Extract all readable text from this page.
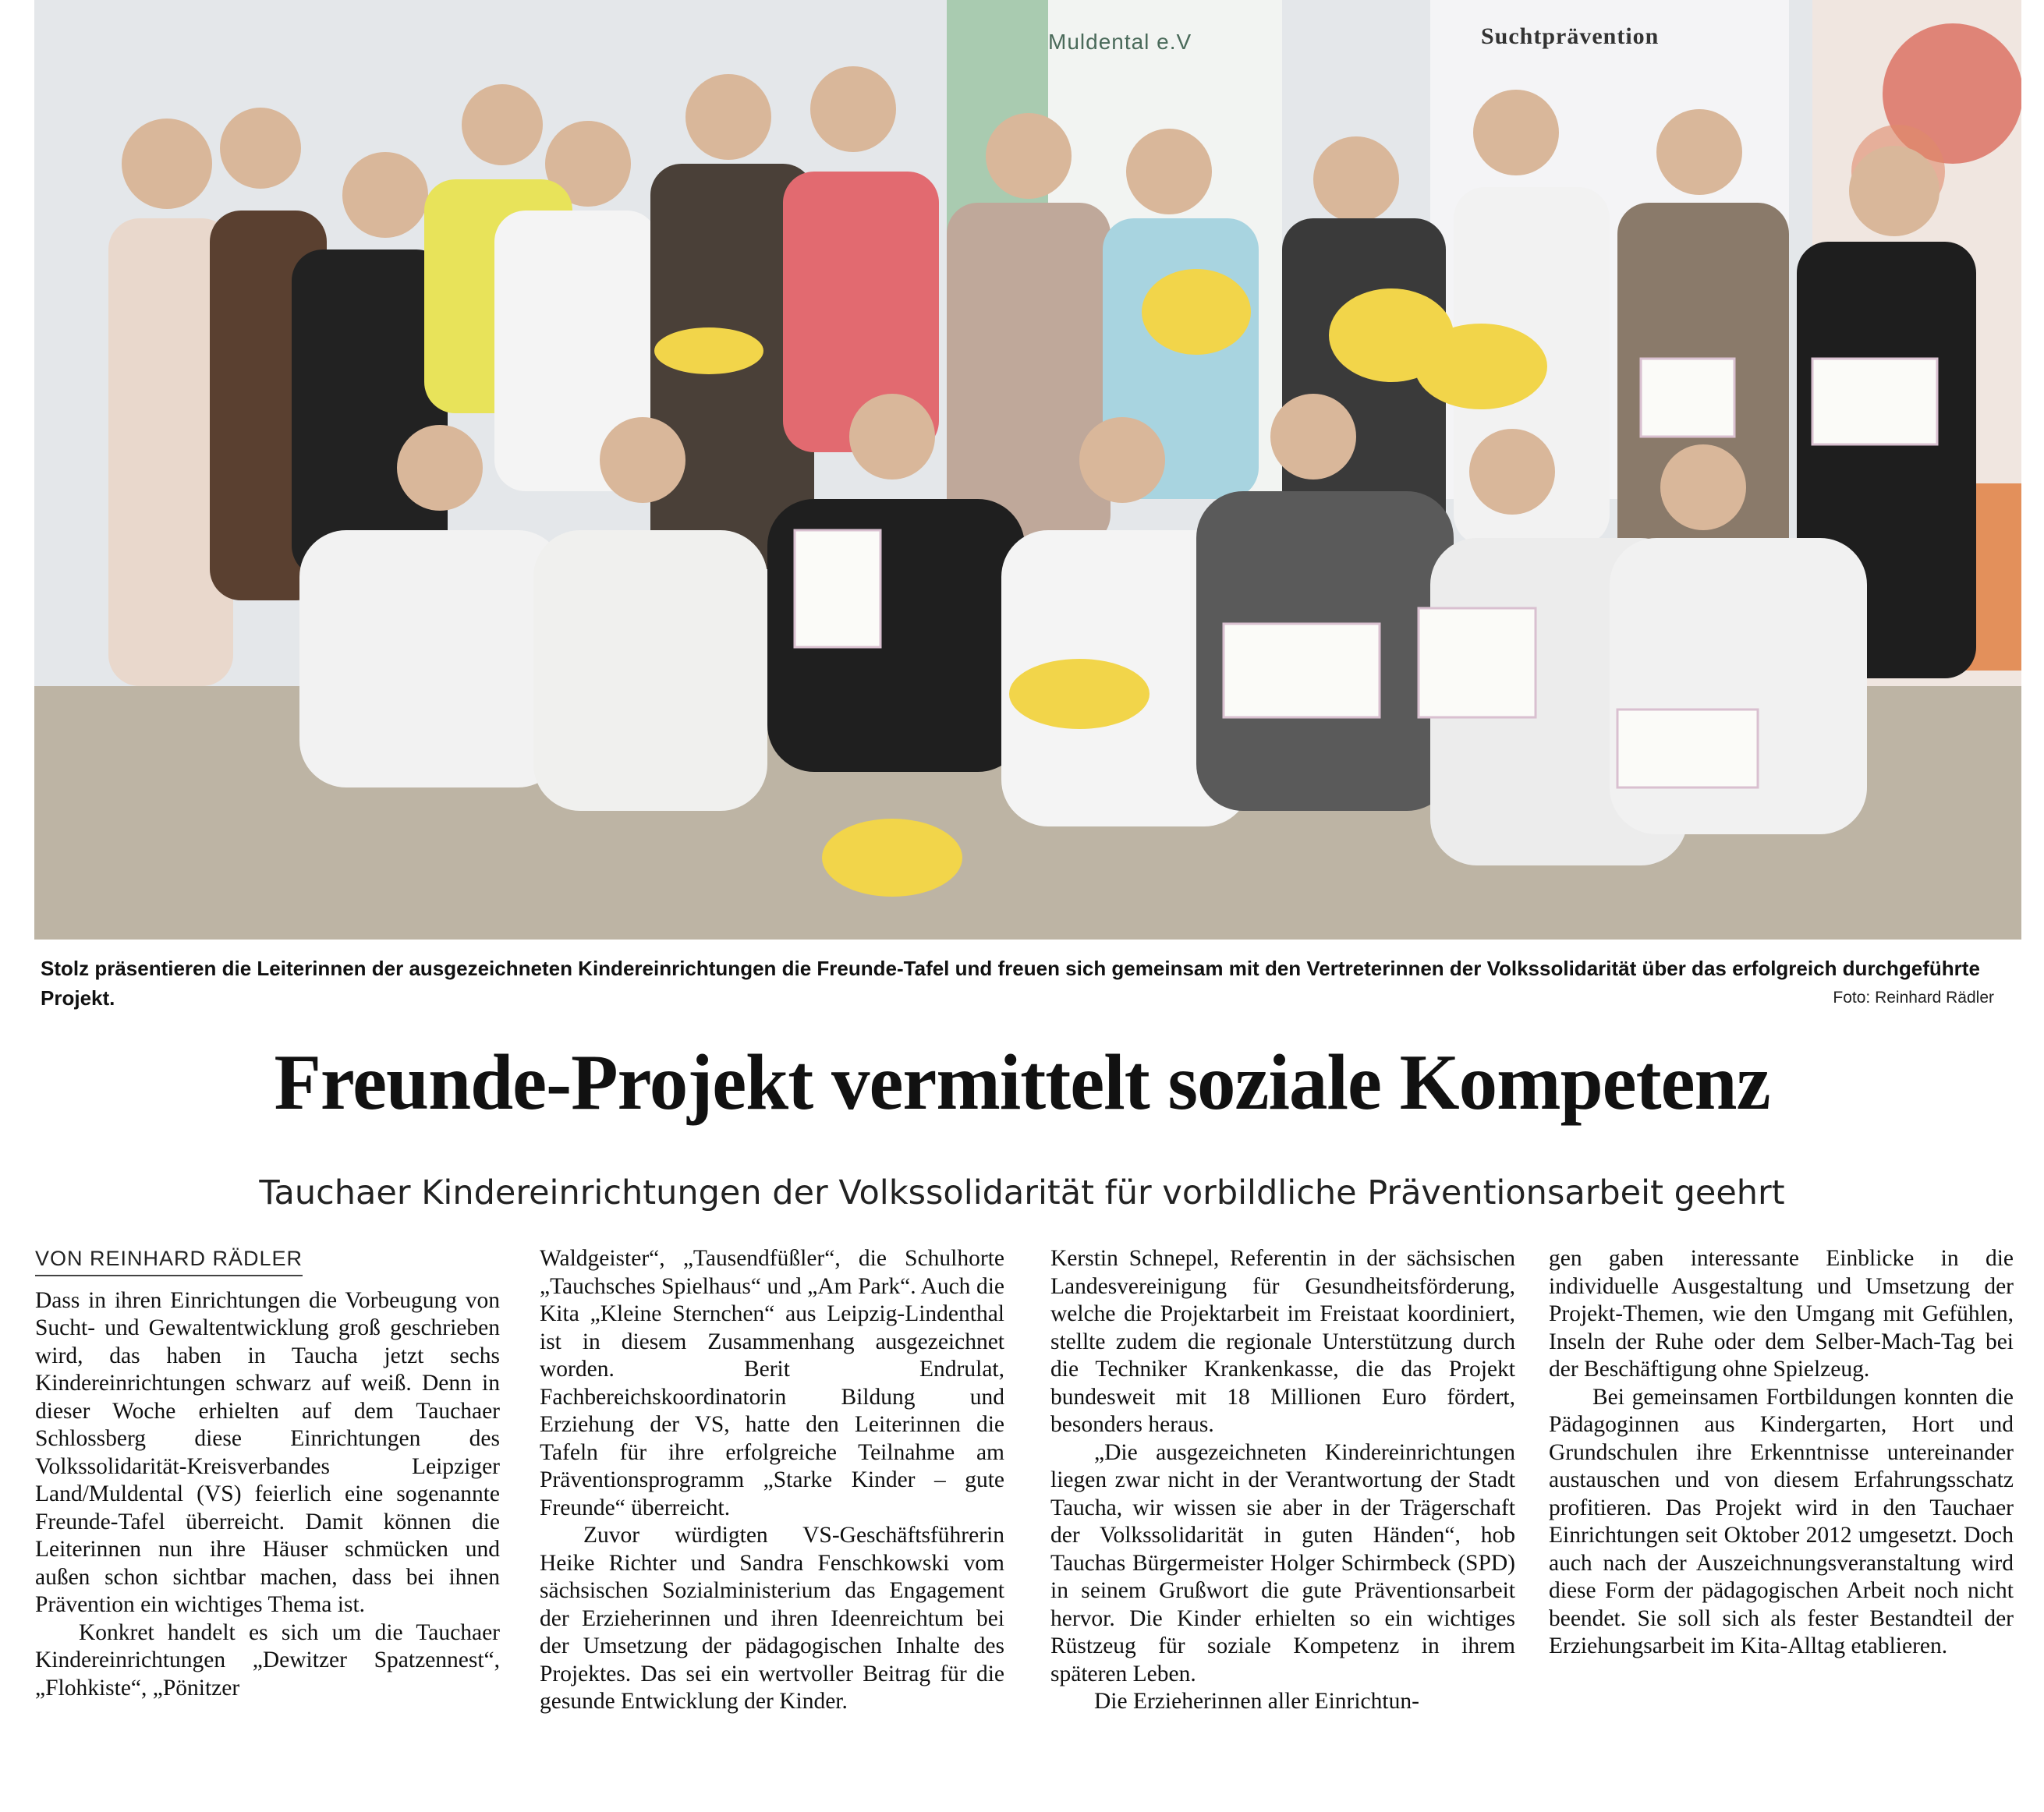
Muldental e.V	Suchtprävention
Stolz präsentieren die Leiterinnen der ausgezeichneten Kindereinrichtungen die Freunde-Tafel und freuen sich gemeinsam mit den Vertreterinnen der Volkssolidarität über das erfolgreich durchgeführte Projekt.	Foto: Reinhard Rädler
Freunde-Projekt vermittelt soziale Kompetenz
Tauchaer Kindereinrichtungen der Volkssolidarität für vorbildliche Präventionsarbeit geehrt
VON REINHARD RÄDLER

Dass in ihren Einrichtungen die Vorbeugung von Sucht- und Gewaltentwicklung groß geschrieben wird, das haben in Taucha jetzt sechs Kindereinrichtungen schwarz auf weiß. Denn in dieser Woche erhielten auf dem Tauchaer Schlossberg diese Einrichtungen des Volkssolidarität-Kreisverbandes Leipziger Land/Muldental (VS) feierlich eine sogenannte Freunde-Tafel überreicht. Damit können die Leiterinnen nun ihre Häuser schmücken und außen schon sichtbar machen, dass bei ihnen Prävention ein wichtiges Thema ist.

Konkret handelt es sich um die Tauchaer Kindereinrichtungen „Dewitzer Spatzennest“, „Flohkiste“, „Pönitzer

Waldgeister“, „Tausendfüßler“, die Schulhorte „Tauchsches Spielhaus“ und „Am Park“. Auch die Kita „Kleine Sternchen“ aus Leipzig-Lindenthal ist in diesem Zusammenhang ausgezeichnet worden. Berit Endrulat, Fachbereichskoordinatorin Bildung und Erziehung der VS, hatte den Leiterinnen die Tafeln für ihre erfolgreiche Teilnahme am Präventionsprogramm „Starke Kinder – gute Freunde“ überreicht.

Zuvor würdigten VS-Geschäftsführerin Heike Richter und Sandra Fenschkowski vom sächsischen Sozialministerium das Engagement der Erzieherinnen und ihren Ideenreichtum bei der Umsetzung der pädagogischen Inhalte des Projektes. Das sei ein wertvoller Beitrag für die gesunde Entwicklung der Kinder.

Kerstin Schnepel, Referentin in der sächsischen Landesvereinigung für Gesundheitsförderung, welche die Projektarbeit im Freistaat koordiniert, stellte zudem die regionale Unterstützung durch die Techniker Krankenkasse, die das Projekt bundesweit mit 18 Millionen Euro fördert, besonders heraus.

„Die ausgezeichneten Kindereinrichtungen liegen zwar nicht in der Verantwortung der Stadt Taucha, wir wissen sie aber in der Trägerschaft der Volkssolidarität in guten Händen“, hob Tauchas Bürgermeister Holger Schirmbeck (SPD) in seinem Grußwort die gute Präventionsarbeit hervor. Die Kinder erhielten so ein wichtiges Rüstzeug für soziale Kompetenz in ihrem späteren Leben.

Die Erzieherinnen aller Einrichtun-

gen gaben interessante Einblicke in die individuelle Ausgestaltung und Umsetzung der Projekt-Themen, wie den Umgang mit Gefühlen, Inseln der Ruhe oder dem Selber-Mach-Tag bei der Beschäftigung ohne Spielzeug.

Bei gemeinsamen Fortbildungen konnten die Pädagoginnen aus Kindergarten, Hort und Grundschulen ihre Erkenntnisse untereinander austauschen und von diesem Erfahrungsschatz profitieren. Das Projekt wird in den Tauchaer Einrichtungen seit Oktober 2012 umgesetzt. Doch auch nach der Auszeichnungsveranstaltung wird diese Form der pädagogischen Arbeit noch nicht beendet. Sie soll sich als fester Bestandteil der Erziehungsarbeit im Kita-Alltag etablieren.
